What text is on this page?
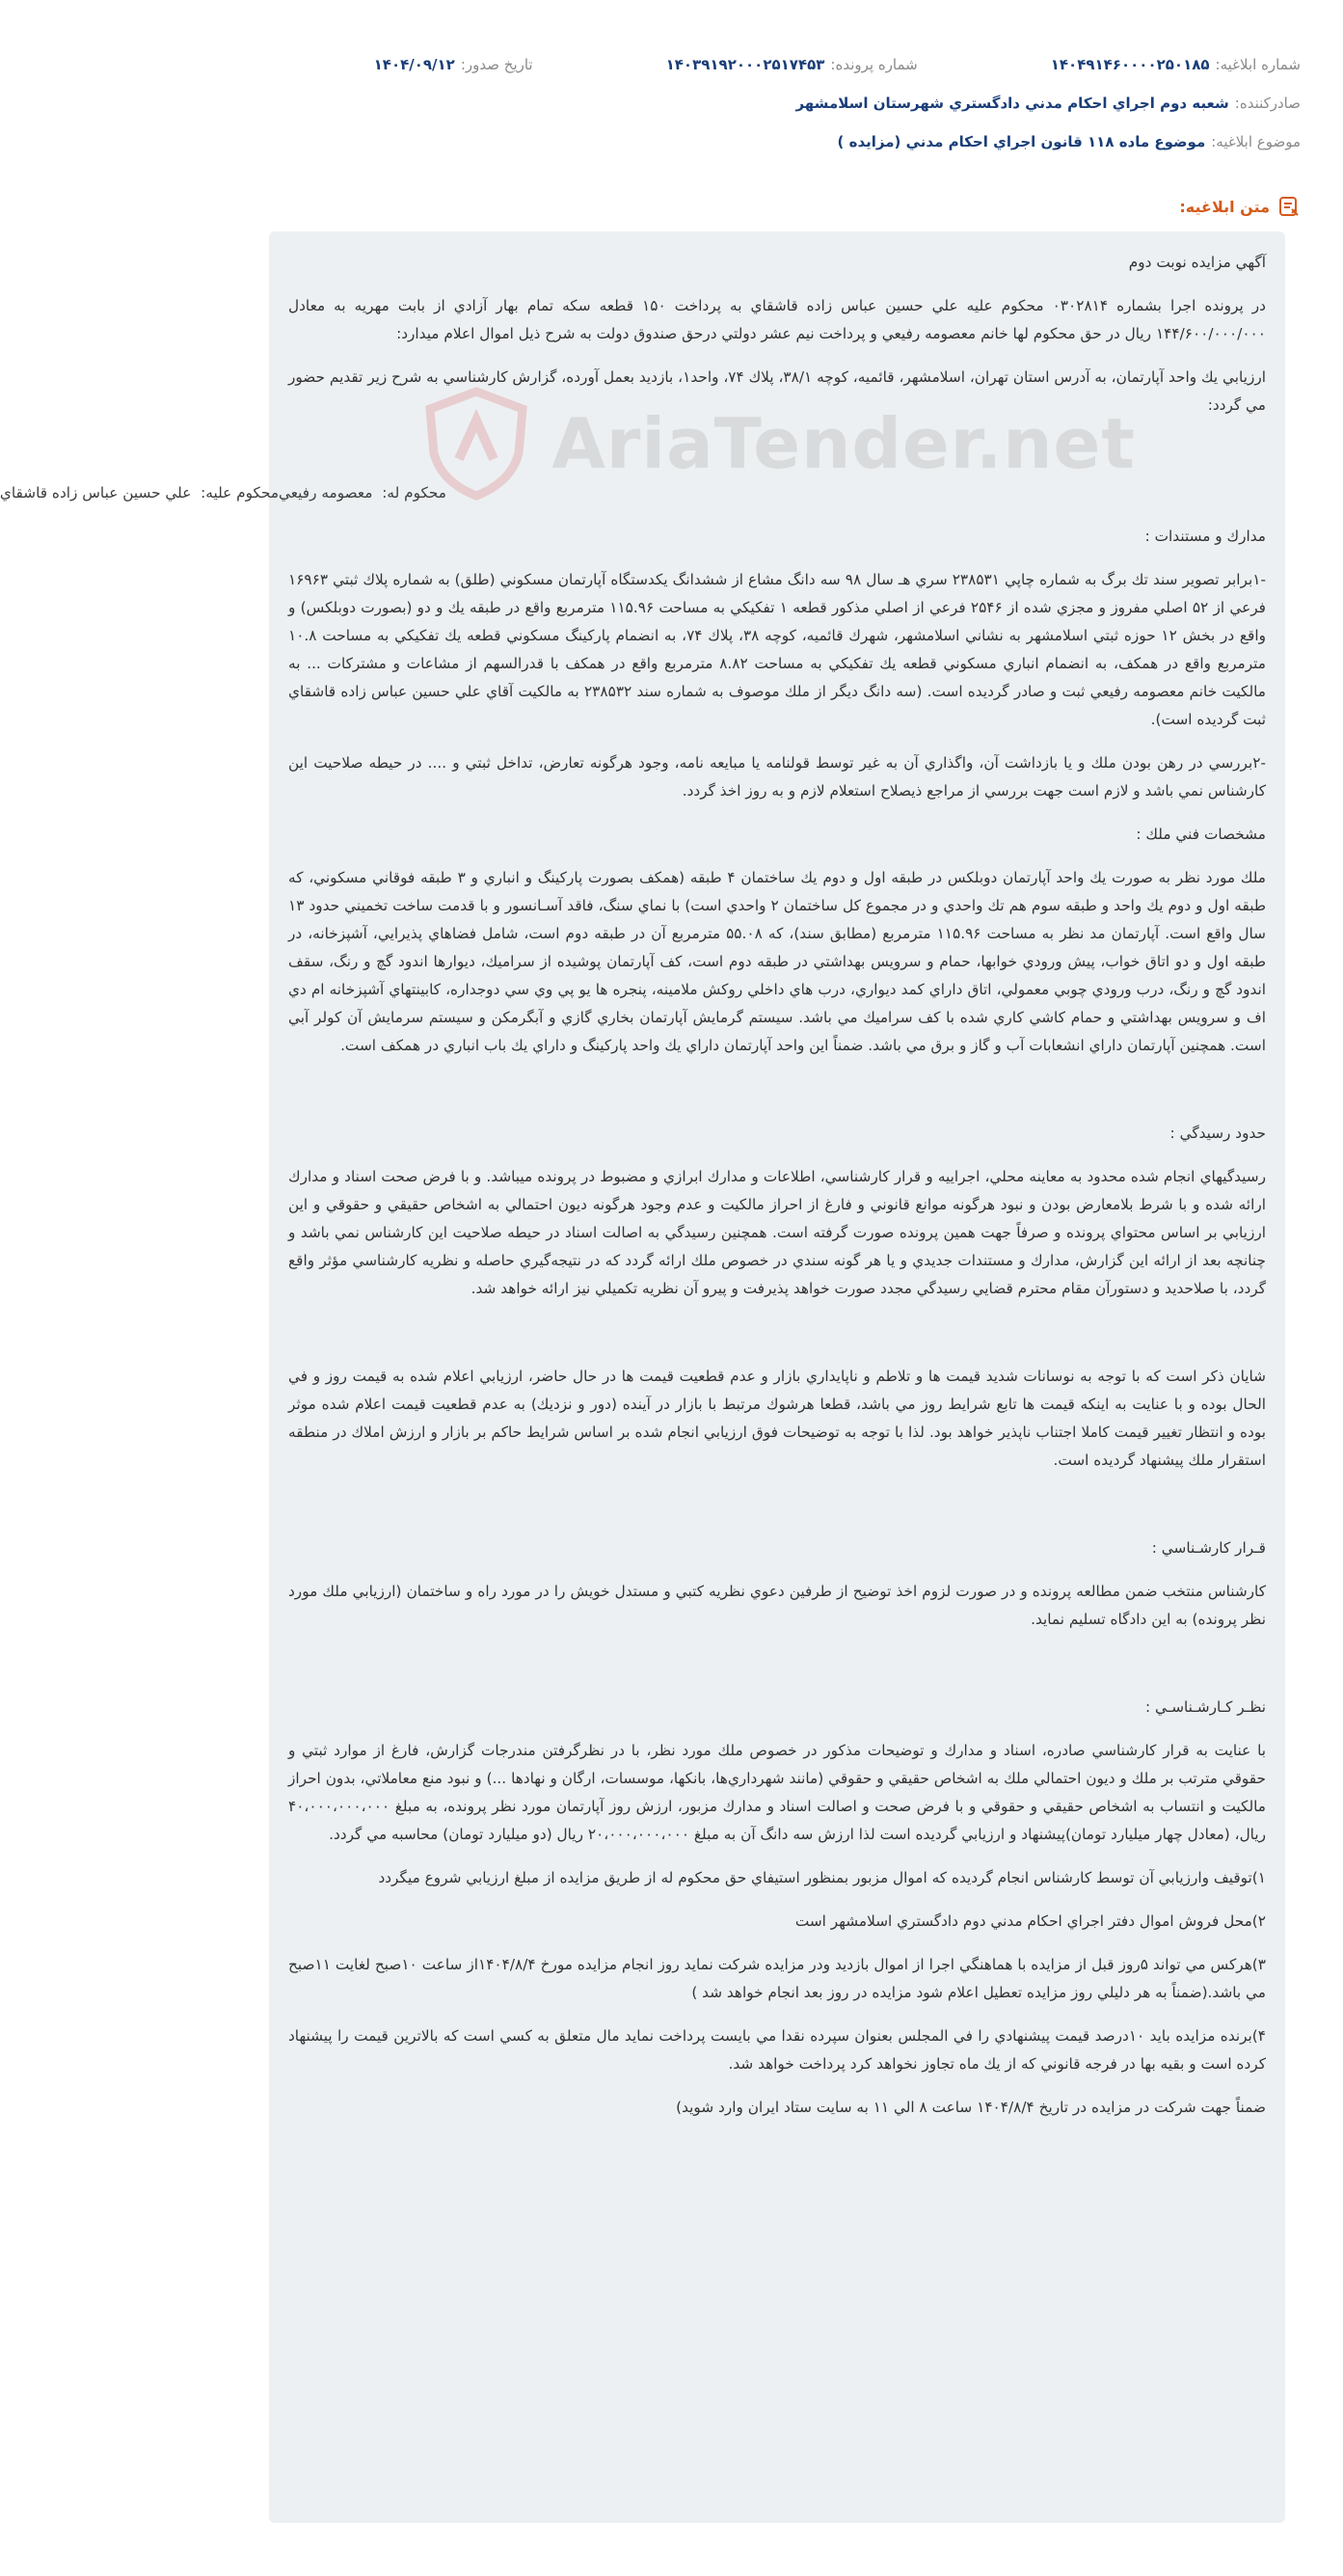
شماره ابلاغيه:
۱۴۰۴۹۱۴۶۰۰۰۰۲۵۰۱۸۵
شماره پرونده:
۱۴۰۳۹۱۹۲۰۰۰۲۵۱۷۴۵۳
تاريخ صدور:
۱۴۰۴/۰۹/۱۲
صادرکننده:
شعبه دوم اجراي احكام مدني دادگستري شهرستان اسلامشهر
موضوع ابلاغيه:
موضوع ماده ۱۱۸ قانون اجراي احكام مدني (مزايده )
متن ابلاغيه:
AriaTender.net

آگهي مزايده نوبت دوم

در پرونده اجرا بشماره ۰۳۰۲۸۱۴ محكوم عليه علي حسين عباس زاده قاشقاي به پرداخت ۱۵۰ قطعه سكه تمام بهار آزادي از بابت مهريه به معادل ۱۴۴/۶۰۰/۰۰۰/۰۰۰ ريال در حق محكوم لها خانم معصومه رفيعي و پرداخت نيم عشر دولتي درحق صندوق دولت به شرح ذيل اموال اعلام ميدارد:

ارزيابي يك واحد آپارتمان، به آدرس استان تهران، اسلامشهر، قائميه، كوچه ۳۸/۱، پلاك ۷۴، واحد۱، بازديد بعمل آورده، گزارش كارشناسي به شرح زير تقديم حضور مي گردد:

محكوم له:

معصومه رفيعي
محكوم عليه:

علي حسين عباس زاده قاشقاي

مدارك و مستندات :

-۱برابر تصوير سند تك برگ به شماره چاپي ۲۳۸۵۳۱ سري هـ سال ۹۸ سه دانگ مشاع از ششدانگ يكدستگاه آپارتمان مسكوني (طلق) به شماره پلاك ثبتي ۱۶۹۶۳ فرعي از ۵۲ اصلي مفروز و مجزي شده از ۲۵۴۶ فرعي از اصلي مذكور قطعه ۱ تفكيكي به مساحت ۱۱۵.۹۶ مترمربع واقع در طبقه يك و دو (بصورت دوبلكس) و واقع در بخش ۱۲ حوزه ثبتي اسلامشهر به نشاني اسلامشهر، شهرك قائميه، كوچه ۳۸، پلاك ۷۴، به انضمام پاركينگ مسكوني قطعه يك تفكيكي به مساحت ۱۰.۸ مترمربع واقع در همكف، به انضمام انباري مسكوني قطعه يك تفكيكي به مساحت ۸.۸۲ مترمربع واقع در همكف با قدرالسهم از مشاعات و مشتركات ... به مالكيت خانم معصومه رفيعي ثبت و صادر گرديده است. (سه دانگ ديگر از ملك موصوف به شماره سند ۲۳۸۵۳۲ به مالكيت آقاي علي حسين عباس زاده قاشقاي ثبت گرديده است).

-۲بررسي در رهن بودن ملك و يا بازداشت آن، واگذاري آن به غير توسط قولنامه يا مبايعه نامه، وجود هرگونه تعارض، تداخل ثبتي و .... در حيطه صلاحيت اين كارشناس نمي باشد و لازم است جهت بررسي از مراجع ذيصلاح استعلام لازم و به روز اخذ گردد.

مشخصات فني ملك :

ملك مورد نظر به صورت يك واحد آپارتمان دوبلكس در طبقه اول و دوم يك ساختمان ۴ طبقه (همكف بصورت پاركينگ و انباري و ۳ طبقه فوقاني مسكوني، كه طبقه اول و دوم يك واحد و طبقه سوم هم تك واحدي و در مجموع كل ساختمان ۲ واحدي است) با نماي سنگ، فاقد آسـانسور و با قدمت ساخت تخميني حدود ۱۳ سال واقع است. آپارتمان مد نظر به مساحت ۱۱۵.۹۶ مترمربع (مطابق سند)، كه ۵۵.۰۸ مترمربع آن در طبقه دوم است، شامل فضاهاي پذيرايي، آشپزخانه، در طبقه اول و دو اتاق خواب، پيش ورودي خوابها، حمام و سرويس بهداشتي در طبقه دوم است، كف آپارتمان پوشيده از سراميك، ديوارها اندود گچ و رنگ، سقف اندود گچ و رنگ، درب ورودي چوبي معمولي، اتاق داراي كمد ديواري، درب هاي داخلي روكش ملامينه، پنجره ها يو پي وي سي دوجداره، كابينتهاي آشپزخانه ام دي اف و سرويس بهداشتي و حمام كاشي كاري شده با كف سراميك مي باشد. سيستم گرمايش آپارتمان بخاري گازي و آبگرمكن و سيستم سرمايش آن كولر آبي است. همچنين آپارتمان داراي انشعابات آب و گاز و برق مي باشد. ضمناً اين واحد آپارتمان داراي يك واحد پاركينگ و داراي يك باب انباري در همكف است.

حدود رسيدگي :

رسيدگيهاي انجام شده محدود به معاينه محلي، اجراييه و قرار كارشناسي، اطلاعات و مدارك ابرازي و مضبوط در پرونده ميباشد. و با فرض صحت اسناد و مدارك ارائه شده و با شرط بلامعارض بودن و نبود هرگونه موانع قانوني و فارغ از احراز مالكيت و عدم وجود هرگونه ديون احتمالي به اشخاص حقيقي و حقوقي و اين ارزيابي بر اساس محتواي پرونده و صرفاً جهت همين پرونده صورت گرفته است. همچنين رسيدگي به اصالت اسناد در حيطه صلاحيت اين كارشناس نمي باشد و چنانچه بعد از ارائه اين گزارش، مدارك و مستندات جديدي و يا هر گونه سندي در خصوص ملك ارائه گردد كه در نتيجه‌گيري حاصله و نظريه كارشناسي مؤثر واقع گردد، با صلاحديد و دستورآن مقام محترم قضايي رسيدگي مجدد صورت خواهد پذيرفت و پيرو آن نظريه تكميلي نيز ارائه خواهد شد.

شايان ذكر است كه با توجه به نوسانات شديد قيمت ها و تلاطم و ناپايداري بازار و عدم قطعيت قيمت ها در حال حاضر، ارزيابي اعلام شده به قيمت روز و في الحال بوده و با عنايت به اينكه قيمت ها تابع شرايط روز مي باشد، قطعا هرشوك مرتبط با بازار در آينده (دور و نزديك) به عدم قطعيت قيمت اعلام شده موثر بوده و انتظار تغيير قيمت كاملا اجتناب ناپذير خواهد بود. لذا با توجه به توضيحات فوق ارزيابي انجام شده بر اساس شرايط حاكم بر بازار و ارزش املاك در منطقه استقرار ملك پيشنهاد گرديده است.

قـرار كارشـناسي :

كارشناس منتخب ضمن مطالعه پرونده و در صورت لزوم اخذ توضيح از طرفين دعوي نظريه كتبي و مستدل خويش را در مورد راه و ساختمان (ارزيابي ملك مورد نظر پرونده) به اين دادگاه تسليم نمايد.

نظـر كـارشـناسـي :

با عنايت به قرار كارشناسي صادره، اسناد و مدارك و توضيحات مذكور در خصوص ملك مورد نظر، با در نظرگرفتن مندرجات گزارش، فارغ از موارد ثبتي و حقوقي مترتب بر ملك و ديون احتمالي ملك به اشخاص حقيقي و حقوقي (مانند شهرداري‌ها، بانكها، موسسات، ارگان و نهادها ...) و نبود منع معاملاتي، بدون احراز مالكيت و انتساب به اشخاص حقيقي و حقوقي و با فرض صحت و اصالت اسناد و مدارك مزبور، ارزش روز آپارتمان مورد نظر پرونده، به مبلغ ۴۰،۰۰۰،۰۰۰،۰۰۰ ريال، (معادل چهار ميليارد تومان)پيشنهاد و ارزيابي گرديده است لذا ارزش سه دانگ آن به مبلغ ۲۰،۰۰۰،۰۰۰،۰۰۰ ريال (دو ميليارد تومان) محاسبه مي گردد.

۱)توقيف وارزيابي آن توسط كارشناس انجام گرديده كه اموال مزبور بمنظور استيفاي حق محكوم له از طريق مزايده از مبلغ ارزيابي شروع ميگردد

۲)محل فروش اموال دفتر اجراي احكام مدني دوم دادگستري اسلامشهر است

۳)هركس مي تواند ۵روز قبل از مزايده با هماهنگي اجرا از اموال بازديد ودر مزايده شركت نمايد روز انجام مزايده مورخ ۱۴۰۴/۸/۴از ساعت ۱۰صبح لغايت ۱۱صبح مي باشد.(ضمناً به هر دليلي روز مزايده تعطيل اعلام شود مزايده در روز بعد انجام خواهد شد )

۴)برنده مزايده بايد ۱۰درصد قيمت پيشنهادي را في المجلس بعنوان سپرده نقدا مي بايست پرداخت نمايد مال متعلق به كسي است كه بالاترين قيمت را پيشنهاد كرده است و بقيه بها در فرجه قانوني كه از يك ماه تجاوز نخواهد كرد پرداخت خواهد شد.

ضمناً جهت شركت در مزايده در تاريخ ۱۴۰۴/۸/۴ ساعت ۸ الي ۱۱ به سايت ستاد ايران وارد شويد)
